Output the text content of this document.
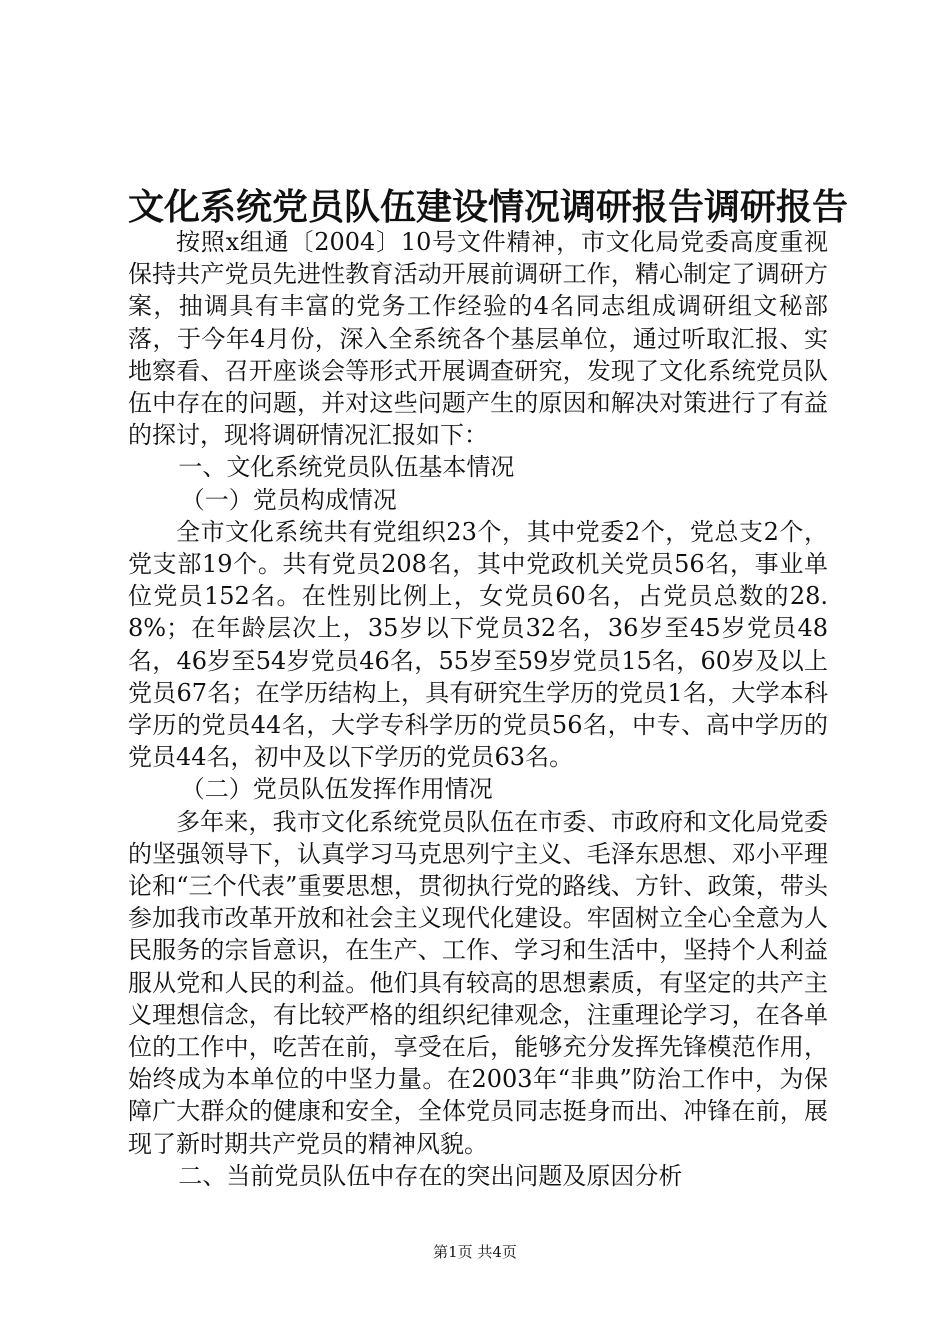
文化系统党员队伍建设情况调研报告调研报告

按照x组通〔2004〕10号文件精神，市文化局党委高度重视保持共产党员先进性教育活动开展前调研工作，精心制定了调研方案，抽调具有丰富的党务工作经验的4名同志组成调研组文秘部落，于今年4月份，深入全系统各个基层单位，通过听取汇报、实地察看、召开座谈会等形式开展调查研究，发现了文化系统党员队伍中存在的问题，并对这些问题产生的原因和解决对策进行了有益的探讨，现将调研情况汇报如下：

一、文化系统党员队伍基本情况

（一）党员构成情况

全市文化系统共有党组织23个，其中党委2个，党总支2个，党支部19个。共有党员208名，其中党政机关党员56名，事业单位党员152名。在性别比例上，女党员60名，占党员总数的28.8%；在年龄层次上，35岁以下党员32名，36岁至45岁党员48名，46岁至54岁党员46名，55岁至59岁党员15名，60岁及以上党员67名；在学历结构上，具有研究生学历的党员1名，大学本科学历的党员44名，大学专科学历的党员56名，中专、高中学历的党员44名，初中及以下学历的党员63名。

（二）党员队伍发挥作用情况

多年来，我市文化系统党员队伍在市委、市政府和文化局党委的坚强领导下，认真学习马克思列宁主义、毛泽东思想、邓小平理论和“三个代表”重要思想，贯彻执行党的路线、方针、政策，带头参加我市改革开放和社会主义现代化建设。牢固树立全心全意为人民服务的宗旨意识，在生产、工作、学习和生活中，坚持个人利益服从党和人民的利益。他们具有较高的思想素质，有坚定的共产主义理想信念，有比较严格的组织纪律观念，注重理论学习，在各单位的工作中，吃苦在前，享受在后，能够充分发挥先锋模范作用，始终成为本单位的中坚力量。在2003年“非典”防治工作中，为保障广大群众的健康和安全，全体党员同志挺身而出、冲锋在前，展现了新时期共产党员的精神风貌。

二、当前党员队伍中存在的突出问题及原因分析

第1页 共4页
